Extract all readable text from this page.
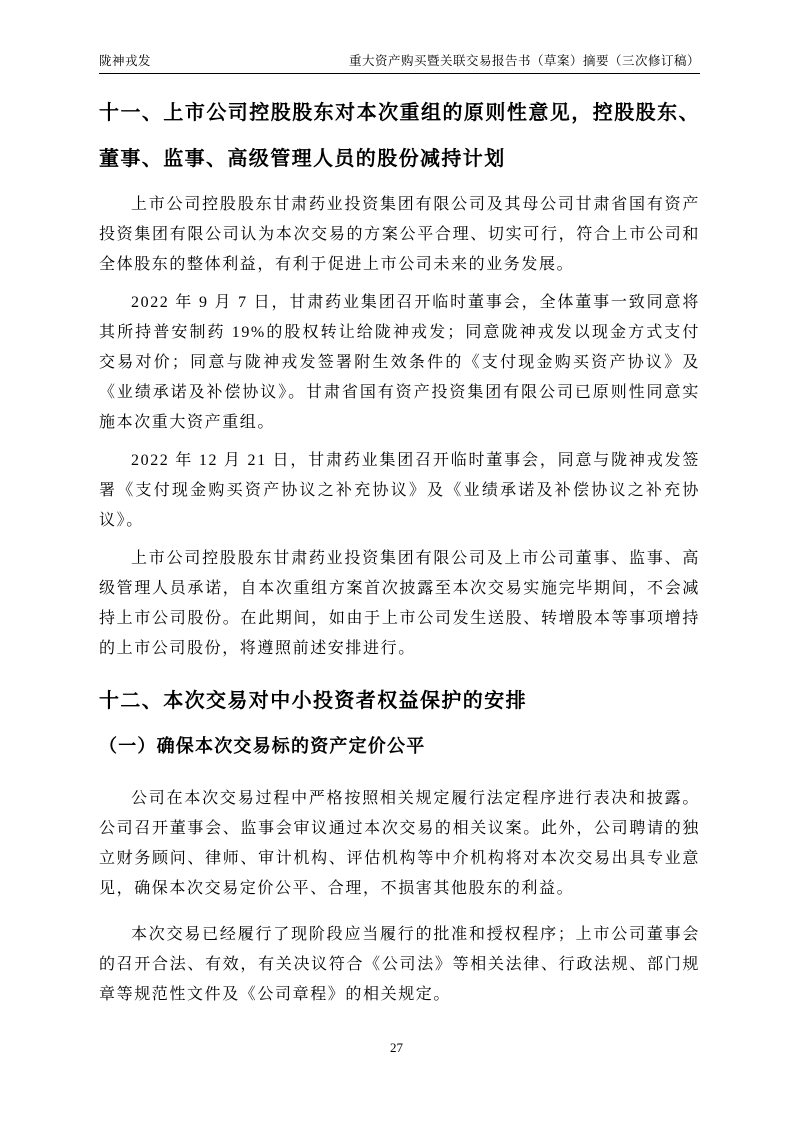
陇神戎发	重大资产购买暨关联交易报告书（草案）摘要（三次修订稿）
十一、上市公司控股股东对本次重组的原则性意见，控股股东、董事、监事、高级管理人员的股份减持计划

上市公司控股股东甘肃药业投资集团有限公司及其母公司甘肃省国有资产投资集团有限公司认为本次交易的方案公平合理、切实可行，符合上市公司和全体股东的整体利益，有利于促进上市公司未来的业务发展。

2022 年 9 月 7 日，甘肃药业集团召开临时董事会，全体董事一致同意将其所持普安制药 19%的股权转让给陇神戎发；同意陇神戎发以现金方式支付交易对价；同意与陇神戎发签署附生效条件的《支付现金购买资产协议》及《业绩承诺及补偿协议》。甘肃省国有资产投资集团有限公司已原则性同意实施本次重大资产重组。

2022 年 12 月 21 日，甘肃药业集团召开临时董事会，同意与陇神戎发签署《支付现金购买资产协议之补充协议》及《业绩承诺及补偿协议之补充协议》。

上市公司控股股东甘肃药业投资集团有限公司及上市公司董事、监事、高级管理人员承诺，自本次重组方案首次披露至本次交易实施完毕期间，不会减持上市公司股份。在此期间，如由于上市公司发生送股、转增股本等事项增持的上市公司股份，将遵照前述安排进行。

十二、本次交易对中小投资者权益保护的安排
（一）确保本次交易标的资产定价公平

公司在本次交易过程中严格按照相关规定履行法定程序进行表决和披露。公司召开董事会、监事会审议通过本次交易的相关议案。此外，公司聘请的独立财务顾问、律师、审计机构、评估机构等中介机构将对本次交易出具专业意见，确保本次交易定价公平、合理，不损害其他股东的利益。

本次交易已经履行了现阶段应当履行的批准和授权程序；上市公司董事会的召开合法、有效，有关决议符合《公司法》等相关法律、行政法规、部门规章等规范性文件及《公司章程》的相关规定。

27
